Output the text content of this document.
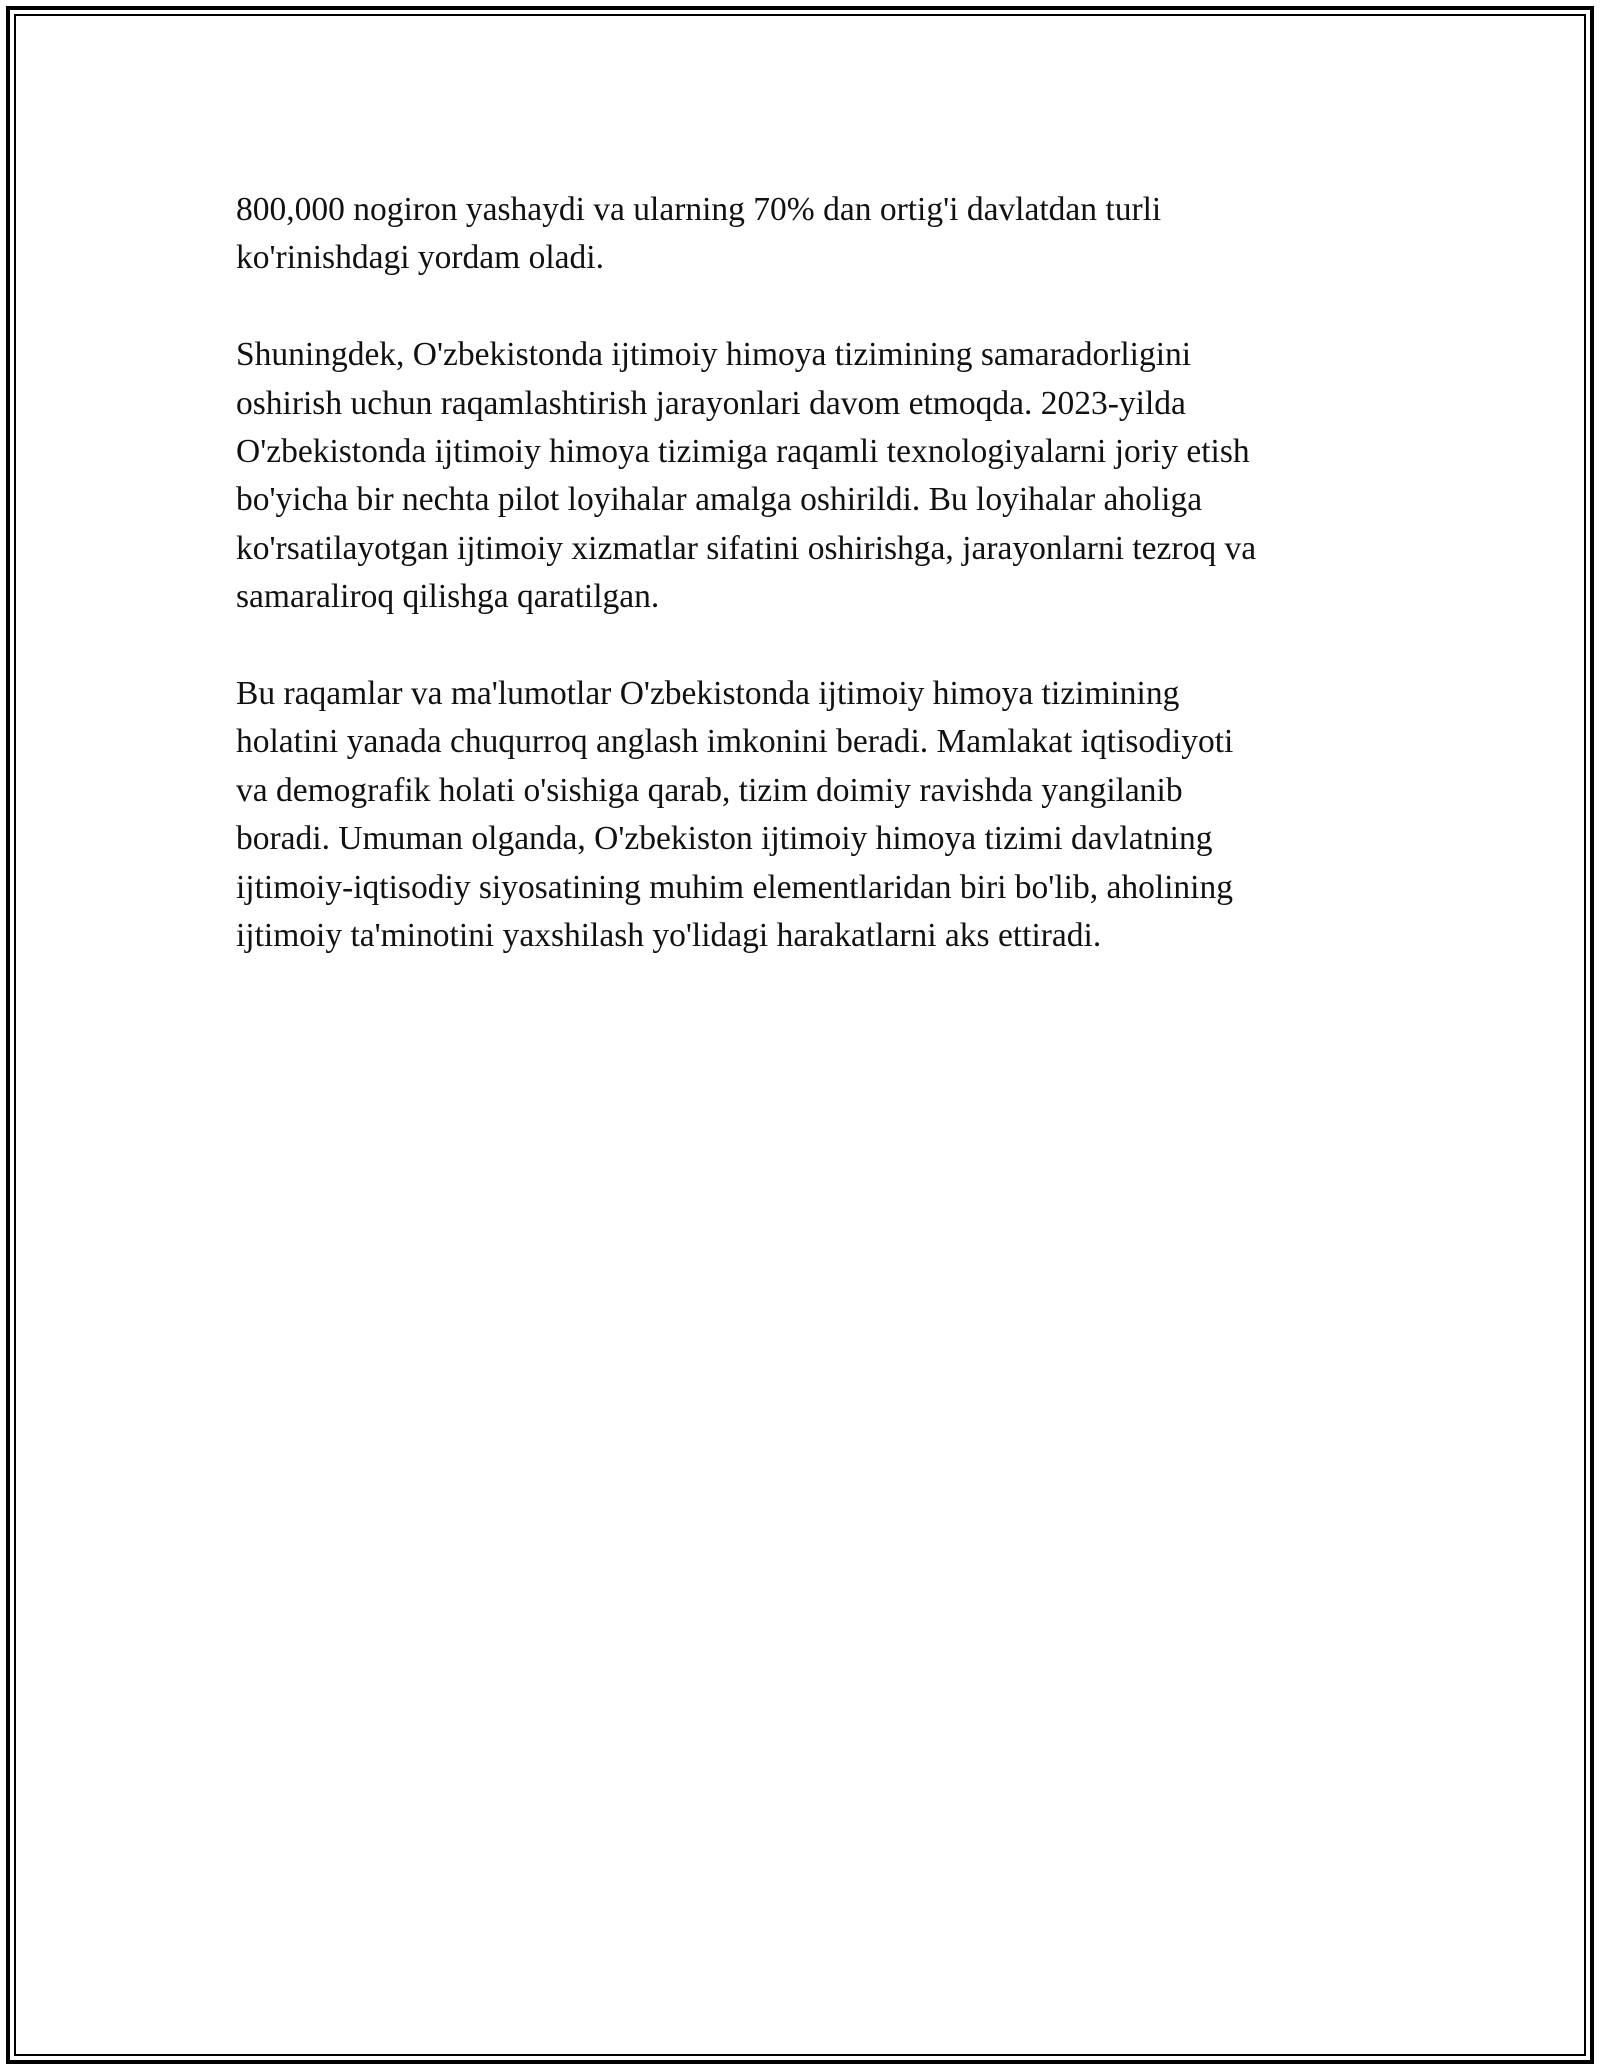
800,000 nogiron yashaydi va ularning 70% dan ortig'i davlatdan turli
ko'rinishdagi yordam oladi.

Shuningdek, O'zbekistonda ijtimoiy himoya tizimining samaradorligini
oshirish uchun raqamlashtirish jarayonlari davom etmoqda. 2023-yilda
O'zbekistonda ijtimoiy himoya tizimiga raqamli texnologiyalarni joriy etish
bo'yicha bir nechta pilot loyihalar amalga oshirildi. Bu loyihalar aholiga
ko'rsatilayotgan ijtimoiy xizmatlar sifatini oshirishga, jarayonlarni tezroq va
samaraliroq qilishga qaratilgan.

Bu raqamlar va ma'lumotlar O'zbekistonda ijtimoiy himoya tizimining
holatini yanada chuqurroq anglash imkonini beradi. Mamlakat iqtisodiyoti
va demografik holati o'sishiga qarab, tizim doimiy ravishda yangilanib
boradi. Umuman olganda, O'zbekiston ijtimoiy himoya tizimi davlatning
ijtimoiy-iqtisodiy siyosatining muhim elementlaridan biri bo'lib, aholining
ijtimoiy ta'minotini yaxshilash yo'lidagi harakatlarni aks ettiradi.
